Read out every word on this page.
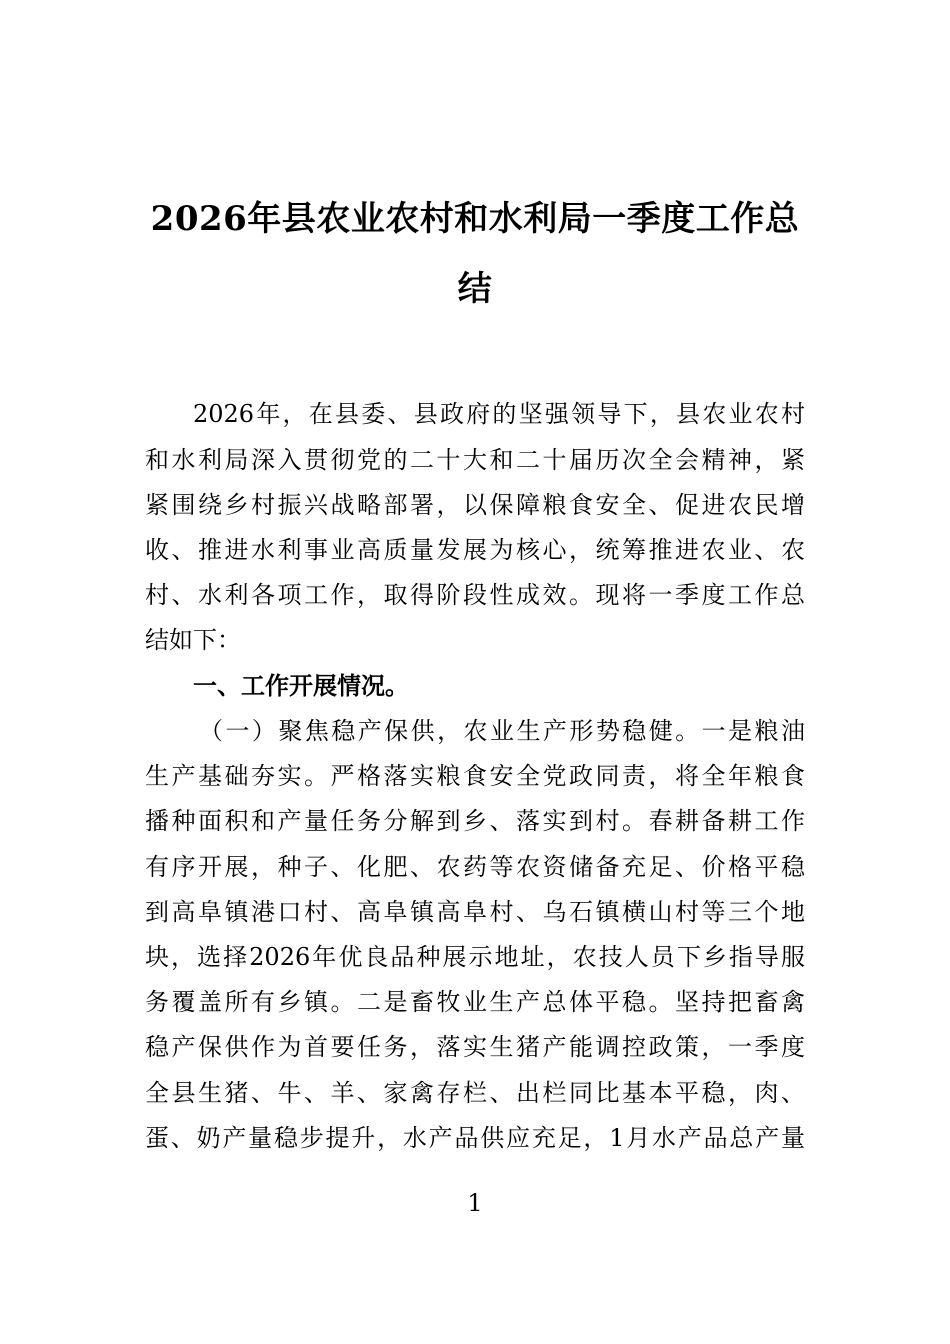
2026年县农业农村和水利局一季度工作总
结
2026年，在县委、县政府的坚强领导下，县农业农村
和水利局深入贯彻党的二十大和二十届历次全会精神，紧
紧围绕乡村振兴战略部署，以保障粮食安全、促进农民增
收、推进水利事业高质量发展为核心，统筹推进农业、农
村、水利各项工作，取得阶段性成效。现将一季度工作总
结如下：
一、工作开展情况。
（一）聚焦稳产保供，农业生产形势稳健。一是粮油
生产基础夯实。严格落实粮食安全党政同责，将全年粮食
播种面积和产量任务分解到乡、落实到村。春耕备耕工作
有序开展，种子、化肥、农药等农资储备充足、价格平稳
到高阜镇港口村、高阜镇高阜村、乌石镇横山村等三个地
块，选择2026年优良品种展示地址，农技人员下乡指导服
务覆盖所有乡镇。二是畜牧业生产总体平稳。坚持把畜禽
稳产保供作为首要任务，落实生猪产能调控政策，一季度
全县生猪、牛、羊、家禽存栏、出栏同比基本平稳，肉、
蛋、奶产量稳步提升，水产品供应充足，1月水产品总产量
1
